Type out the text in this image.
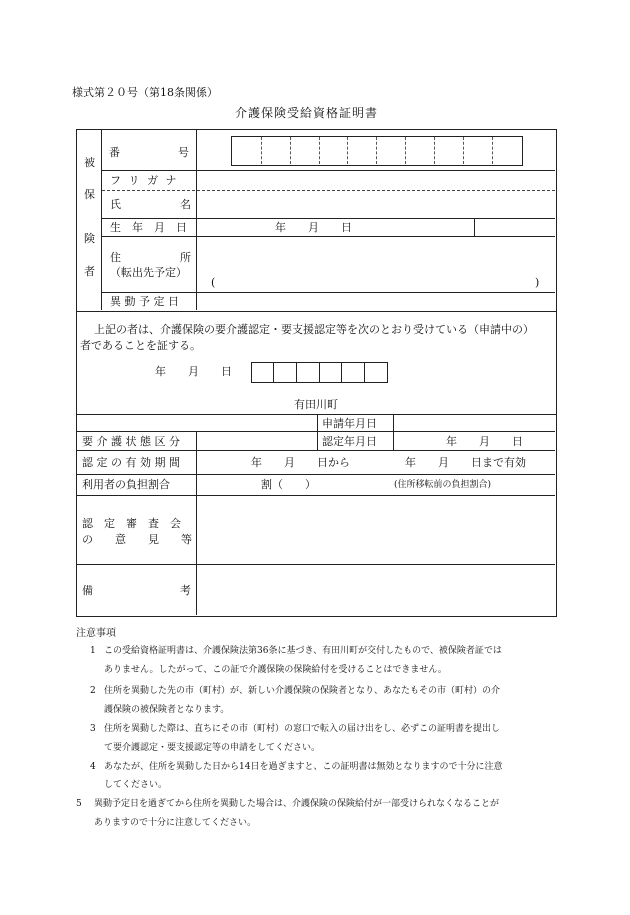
様式第２０号（第18条関係）
介護保険受給資格証明書
被
保
険
者
番	号
フ リ ガ ナ
氏	名
生　年　月　日	年　　月　　日
住	所
（転出先予定）
(	)
異 動 予 定 日
上記の者は、介護保険の要介護認定・要支援認定等を次のとおり受けている（申請中の）
者であることを証する。
年　　月　　日
有田川町
申請年月日
要 介 護 状 態 区 分	認定年月日	年　　月　　日
認 定 の 有 効 期 間	年　　月　　日から	年　　月　　日まで有効
利用者の負担割合	割（　　）	(住所移転前の負担割合)
認　定　審　査　会
の　　意　　見　　等
備	考
注意事項
1 この受給資格証明書は、介護保険法第36条に基づき、有田川町が交付したもので、被保険者証では
ありません。したがって、この証で介護保険の保険給付を受けることはできません。
2 住所を異動した先の市（町村）が、新しい介護保険の保険者となり、あなたもその市（町村）の介
護保険の被保険者となります。
3 住所を異動した際は、直ちにその市（町村）の窓口で転入の届け出をし、必ずこの証明書を提出し
て要介護認定・要支援認定等の申請をしてください。
4 あなたが、住所を異動した日から14日を過ぎますと、この証明書は無効となりますので十分に注意
してください。
5 異動予定日を過ぎてから住所を異動した場合は、介護保険の保険給付が一部受けられなくなることが
ありますので十分に注意してください。
